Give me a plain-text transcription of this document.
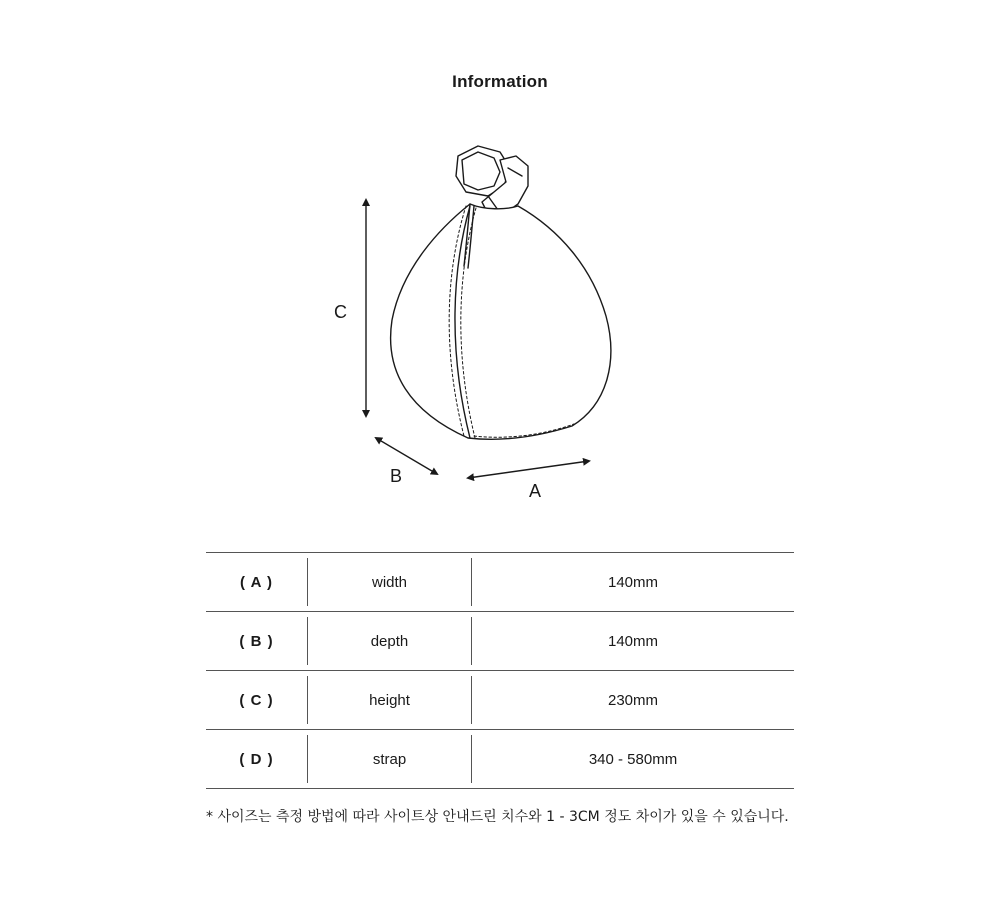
Information
C
B
A
( A )	width	140mm
( B )	depth	140mm
( C )	height	230mm
( D )	strap	340 - 580mm
* 사이즈는 측정 방법에 따라 사이트상 안내드린 치수와 1 - 3CM 정도 차이가 있을 수 있습니다.
